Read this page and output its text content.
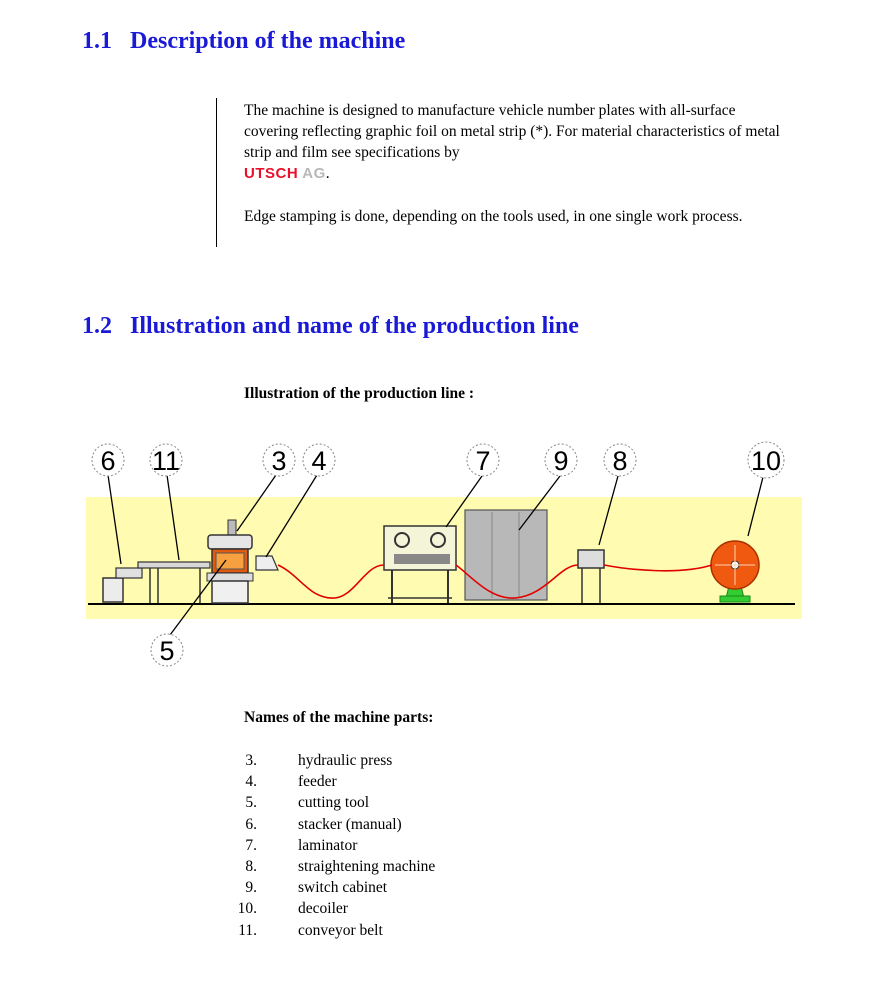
1.1 Description of the machine

The machine is designed to manufacture vehicle number plates with all-surface covering reflecting graphic foil on metal strip (*). For material characteristics of metal strip and film see specifications by
UTSCH AG.

Edge stamping is done, depending on the tools used, in one single work process.

1.2 Illustration and name of the production line

Illustration of the production line :

6 11	3 4	7 9 8	10
5

Names of the machine parts:

3.	hydraulic press
4.	feeder
5.	cutting tool
6.	stacker (manual)
7.	laminator
8.	straightening machine
9.	switch cabinet
10.	decoiler
11.	conveyor belt
